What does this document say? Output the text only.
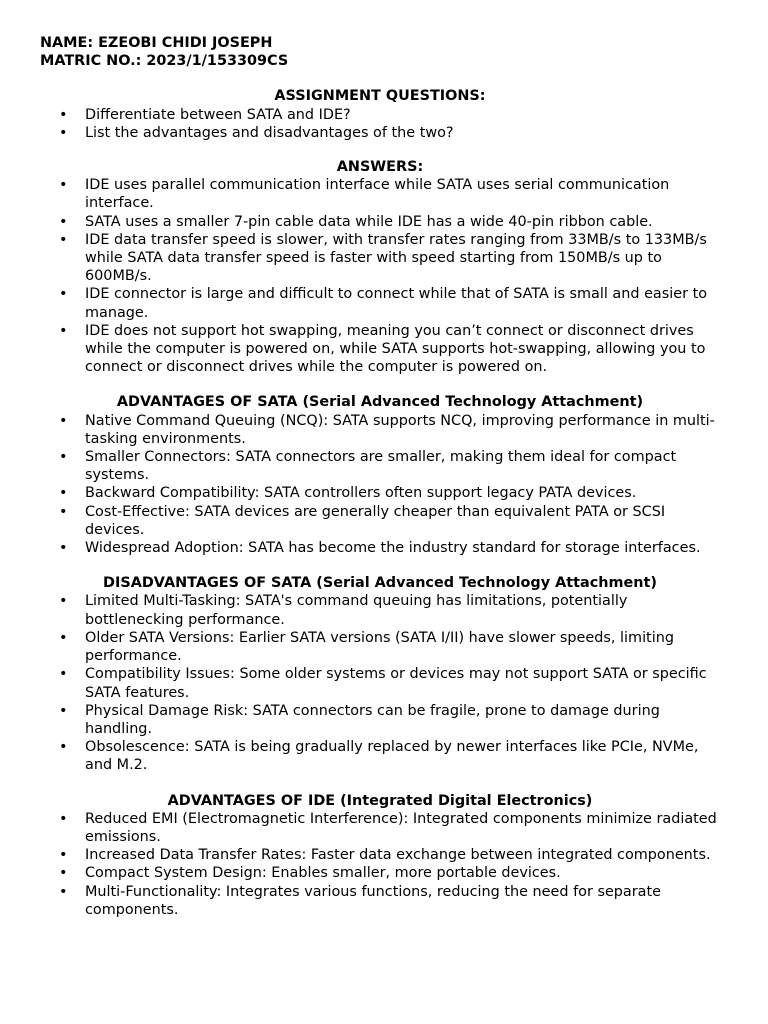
NAME: EZEOBI CHIDI JOSEPH

MATRIC NO.: 2023/1/153309CS

ASSIGNMENT QUESTIONS:

• Differentiate between SATA and IDE?
• List the advantages and disadvantages of the two?

ANSWERS:

• IDE uses parallel communication interface while SATA uses serial communication interface.
• SATA uses a smaller 7-pin cable data while IDE has a wide 40-pin ribbon cable.
• IDE data transfer speed is slower, with transfer rates ranging from 33MB/s to 133MB/s while SATA data transfer speed is faster with speed starting from 150MB/s up to 600MB/s.
• IDE connector is large and difficult to connect while that of SATA is small and easier to manage.
• IDE does not support hot swapping, meaning you can’t connect or disconnect drives while the computer is powered on, while SATA supports hot-swapping, allowing you to connect or disconnect drives while the computer is powered on.

ADVANTAGES OF SATA (Serial Advanced Technology Attachment)

• Native Command Queuing (NCQ): SATA supports NCQ, improving performance in multi-tasking environments.
• Smaller Connectors: SATA connectors are smaller, making them ideal for compact systems.
• Backward Compatibility: SATA controllers often support legacy PATA devices.
• Cost-Effective: SATA devices are generally cheaper than equivalent PATA or SCSI devices.
• Widespread Adoption: SATA has become the industry standard for storage interfaces.

DISADVANTAGES OF SATA (Serial Advanced Technology Attachment)

• Limited Multi-Tasking: SATA's command queuing has limitations, potentially bottlenecking performance.
• Older SATA Versions: Earlier SATA versions (SATA I/II) have slower speeds, limiting performance.
• Compatibility Issues: Some older systems or devices may not support SATA or specific SATA features.
• Physical Damage Risk: SATA connectors can be fragile, prone to damage during handling.
• Obsolescence: SATA is being gradually replaced by newer interfaces like PCIe, NVMe, and M.2.

ADVANTAGES OF IDE (Integrated Digital Electronics)

• Reduced EMI (Electromagnetic Interference): Integrated components minimize radiated emissions.
• Increased Data Transfer Rates: Faster data exchange between integrated components.
• Compact System Design: Enables smaller, more portable devices.
• Multi-Functionality: Integrates various functions, reducing the need for separate components.
